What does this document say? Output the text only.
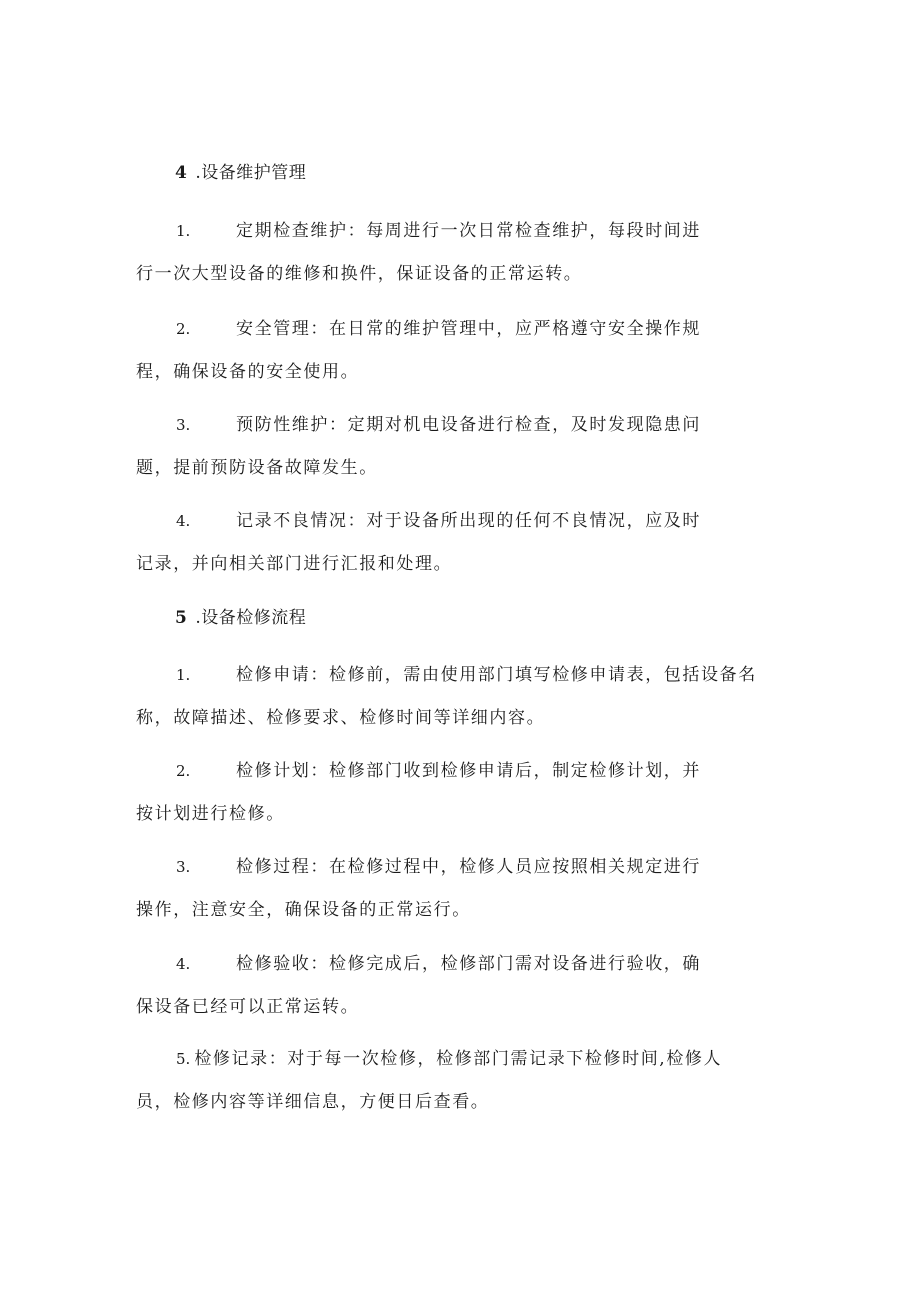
4 .设备维护管理
1.	定期检查维护：每周进行一次日常检查维护，每段时间进
行一次大型设备的维修和换件，保证设备的正常运转。
2.	安全管理：在日常的维护管理中，应严格遵守安全操作规
程，确保设备的安全使用。
3.	预防性维护：定期对机电设备进行检查，及时发现隐患问
题，提前预防设备故障发生。
4.	记录不良情况：对于设备所出现的任何不良情况，应及时
记录，并向相关部门进行汇报和处理。
5 .设备检修流程
1.	检修申请：检修前，需由使用部门填写检修申请表，包括设备名
称，故障描述、检修要求、检修时间等详细内容。
2.	检修计划：检修部门收到检修申请后，制定检修计划，并
按计划进行检修。
3.	检修过程：在检修过程中，检修人员应按照相关规定进行
操作，注意安全，确保设备的正常运行。
4.	检修验收：检修完成后，检修部门需对设备进行验收，确
保设备已经可以正常运转。
5. 检修记录：对于每一次检修，检修部门需记录下检修时间,检修人
员，检修内容等详细信息，方便日后查看。
